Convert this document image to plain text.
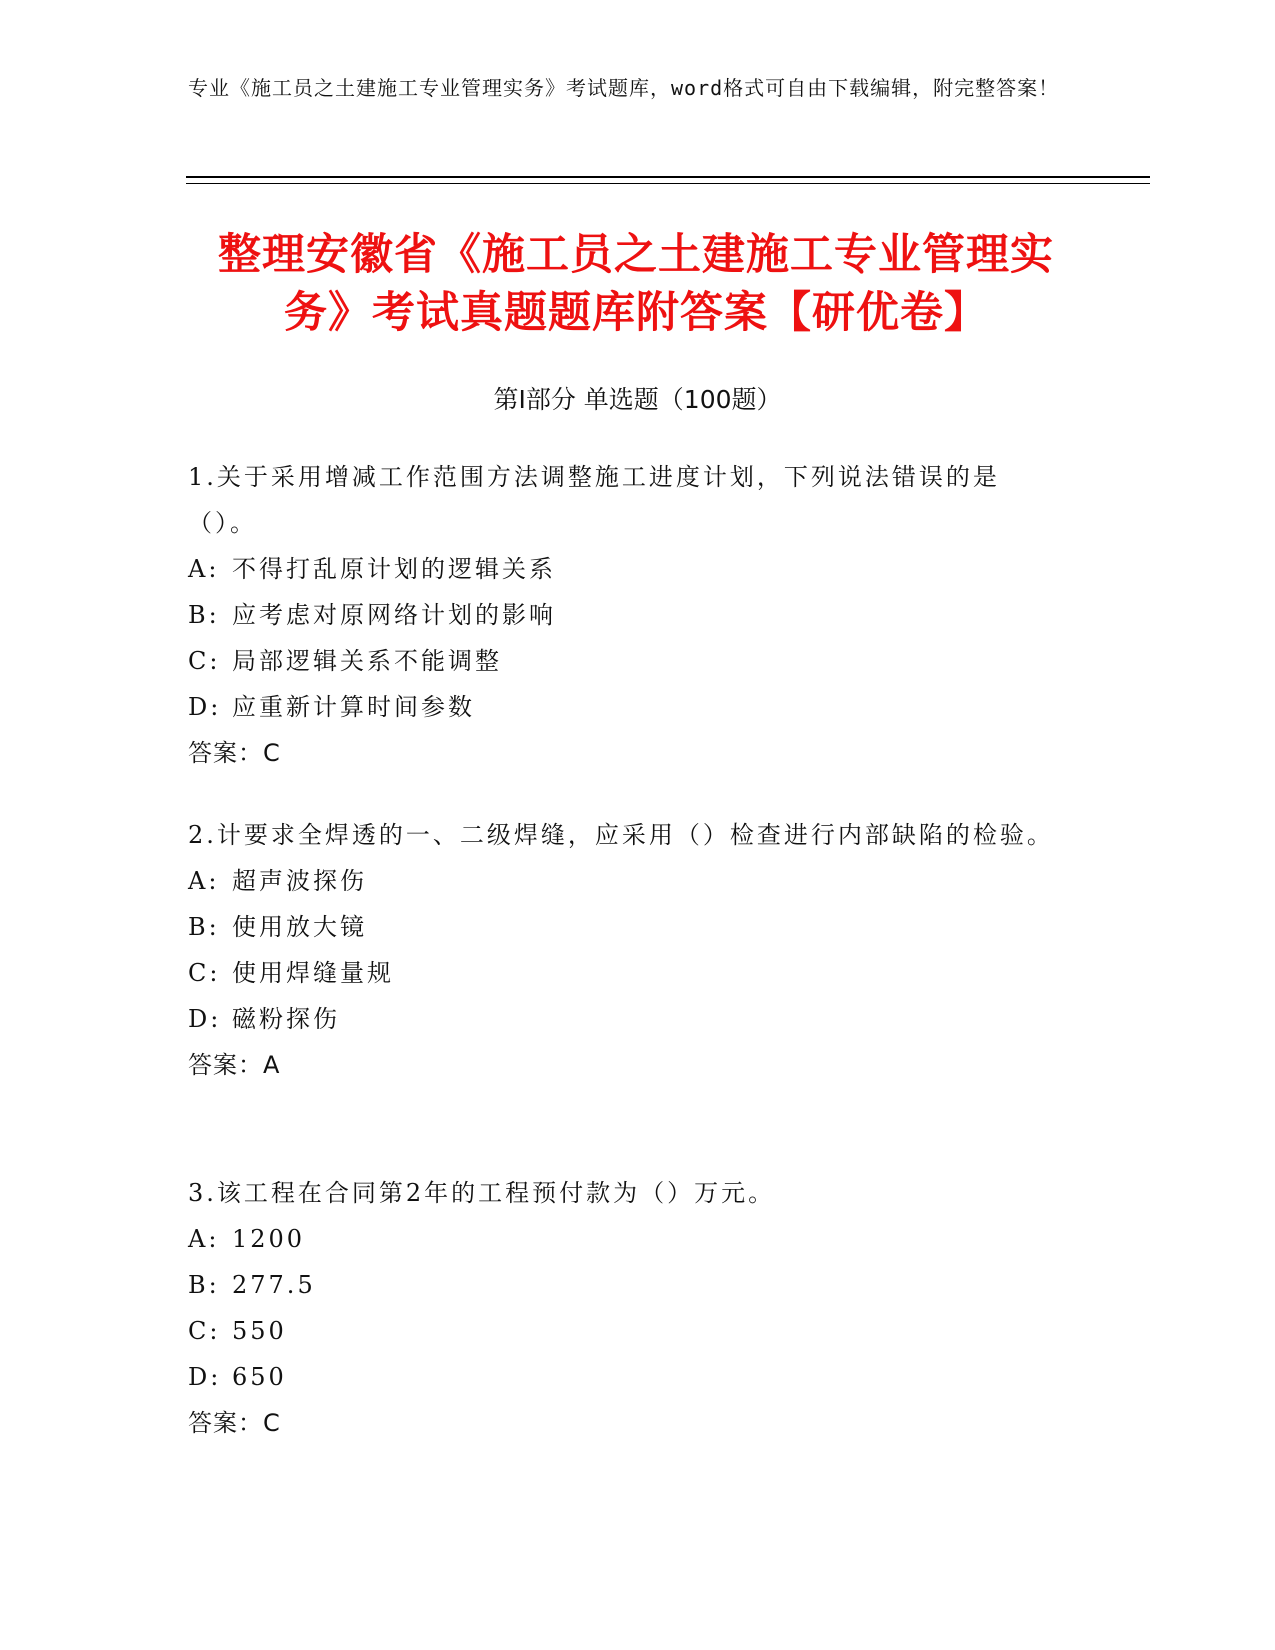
专业《施工员之土建施工专业管理实务》考试题库，word格式可自由下载编辑，附完整答案！
整理安徽省《施工员之土建施工专业管理实
务》考试真题题库附答案【研优卷】
第Ⅰ部分 单选题（100题）
1.关于采用增减工作范围方法调整施工进度计划，下列说法错误的是（）。
A: 不得打乱原计划的逻辑关系
B: 应考虑对原网络计划的影响
C: 局部逻辑关系不能调整
D: 应重新计算时间参数
答案：C
2.计要求全焊透的一、二级焊缝，应采用（）检查进行内部缺陷的检验。
A: 超声波探伤
B: 使用放大镜
C: 使用焊缝量规
D: 磁粉探伤
答案：A
3.该工程在合同第2年的工程预付款为（）万元。
A: 1200
B: 277.5
C: 550
D: 650
答案：C
